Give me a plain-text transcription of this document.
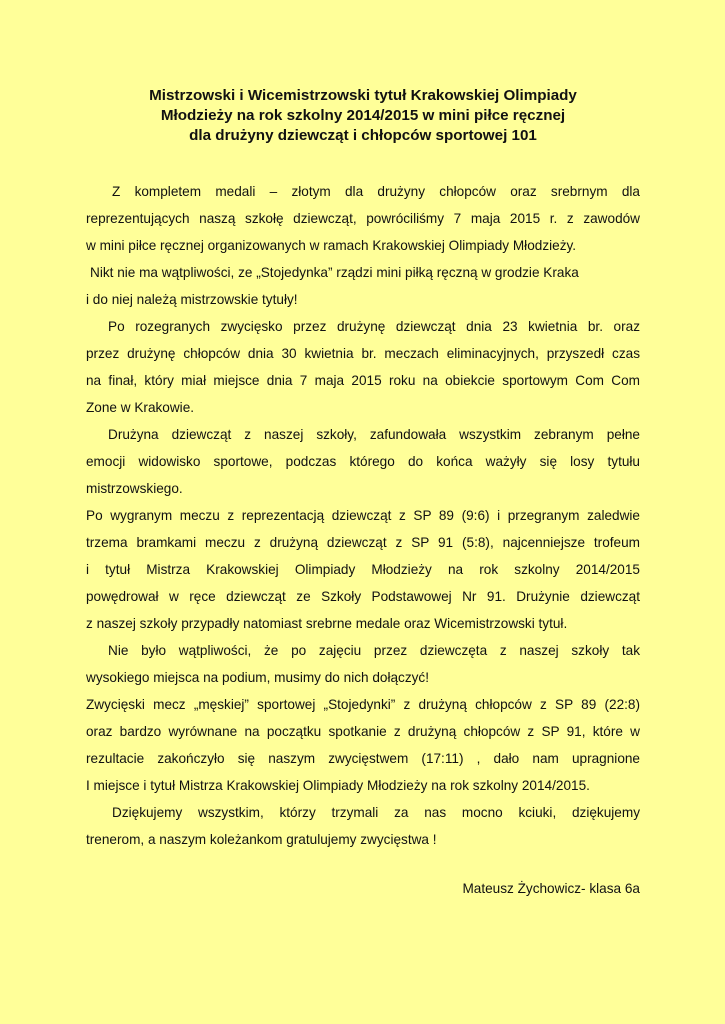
Mistrzowski i Wicemistrzowski tytuł Krakowskiej Olimpiady
Młodzieży na rok szkolny 2014/2015 w mini piłce ręcznej
dla drużyny dziewcząt i chłopców sportowej 101
Z kompletem medali – złotym dla drużyny chłopców oraz srebrnym dla
reprezentujących naszą szkołę dziewcząt, powróciliśmy 7 maja 2015 r. z zawodów
w mini piłce ręcznej organizowanych w ramach Krakowskiej Olimpiady Młodzieży.
Nikt nie ma wątpliwości, ze „Stojedynka” rządzi mini piłką ręczną w grodzie Kraka
i do niej należą mistrzowskie tytuły!
Po rozegranych zwycięsko przez drużynę dziewcząt dnia 23 kwietnia br. oraz
przez drużynę chłopców dnia 30 kwietnia br. meczach eliminacyjnych, przyszedł czas
na finał, który miał miejsce dnia 7 maja 2015 roku na obiekcie sportowym Com Com
Zone w Krakowie.
Drużyna dziewcząt z naszej szkoły, zafundowała wszystkim zebranym pełne
emocji widowisko sportowe, podczas którego do końca ważyły się losy tytułu
mistrzowskiego.
Po wygranym meczu z reprezentacją dziewcząt z SP 89 (9:6) i przegranym zaledwie
trzema bramkami meczu z drużyną dziewcząt z SP 91 (5:8), najcenniejsze trofeum
i tytuł Mistrza Krakowskiej Olimpiady Młodzieży na rok szkolny 2014/2015
powędrował w ręce dziewcząt ze Szkoły Podstawowej Nr 91. Drużynie dziewcząt
z naszej szkoły przypadły natomiast srebrne medale oraz Wicemistrzowski tytuł.
Nie było wątpliwości, że po zajęciu przez dziewczęta z naszej szkoły tak
wysokiego miejsca na podium, musimy do nich dołączyć!
Zwycięski mecz „męskiej” sportowej „Stojedynki” z drużyną chłopców z SP 89 (22:8)
oraz bardzo wyrównane na początku spotkanie z drużyną chłopców z SP 91, które w
rezultacie zakończyło się naszym zwycięstwem (17:11) , dało nam upragnione
I miejsce i tytuł Mistrza Krakowskiej Olimpiady Młodzieży na rok szkolny 2014/2015.
Dziękujemy wszystkim, którzy trzymali za nas mocno kciuki, dziękujemy
trenerom, a naszym koleżankom gratulujemy zwycięstwa !
Mateusz Żychowicz- klasa 6a
